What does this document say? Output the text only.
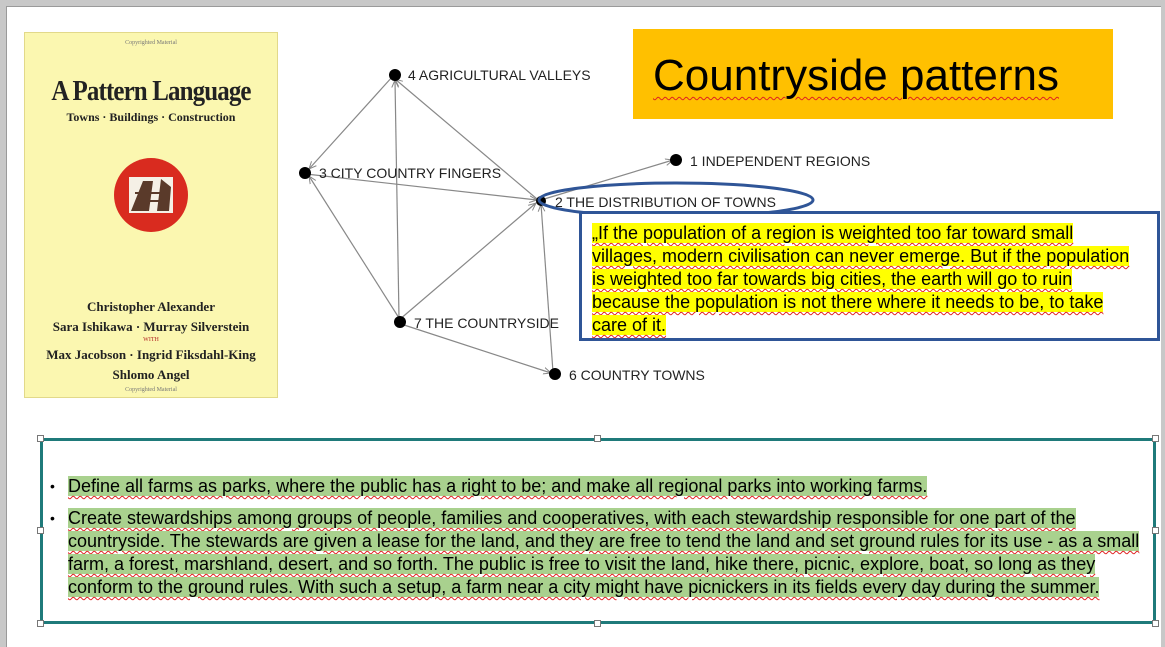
Copyrighted Material
A Pattern Language
Towns · Buildings · Construction
Christopher Alexander
Sara Ishikawa · Murray Silverstein
WITH
Max Jacobson · Ingrid Fiksdahl-King
Shlomo Angel
Copyrighted Material
Countryside patterns
4 AGRICULTURAL VALLEYS
3 CITY COUNTRY FINGERS
1 INDEPENDENT REGIONS
2 THE DISTRIBUTION OF TOWNS
7 THE COUNTRYSIDE
6 COUNTRY TOWNS
„If the population of a region is weighted too far toward small villages, modern civilisation can never emerge. But if the population is weighted too far towards big cities, the earth will go to ruin because the population is not there where it needs to be, to take care of it.
• Define all farms as parks, where the public has a right to be; and make all regional parks into working farms.
• Create stewardships among groups of people, families and cooperatives, with each stewardship responsible for one part of the countryside. The stewards are given a lease for the land, and they are free to tend the land and set ground rules for its use - as a small farm, a forest, marshland, desert, and so forth. The public is free to visit the land, hike there, picnic, explore, boat, so long as they conform to the ground rules. With such a setup, a farm near a city might have picnickers in its fields every day during the summer.
